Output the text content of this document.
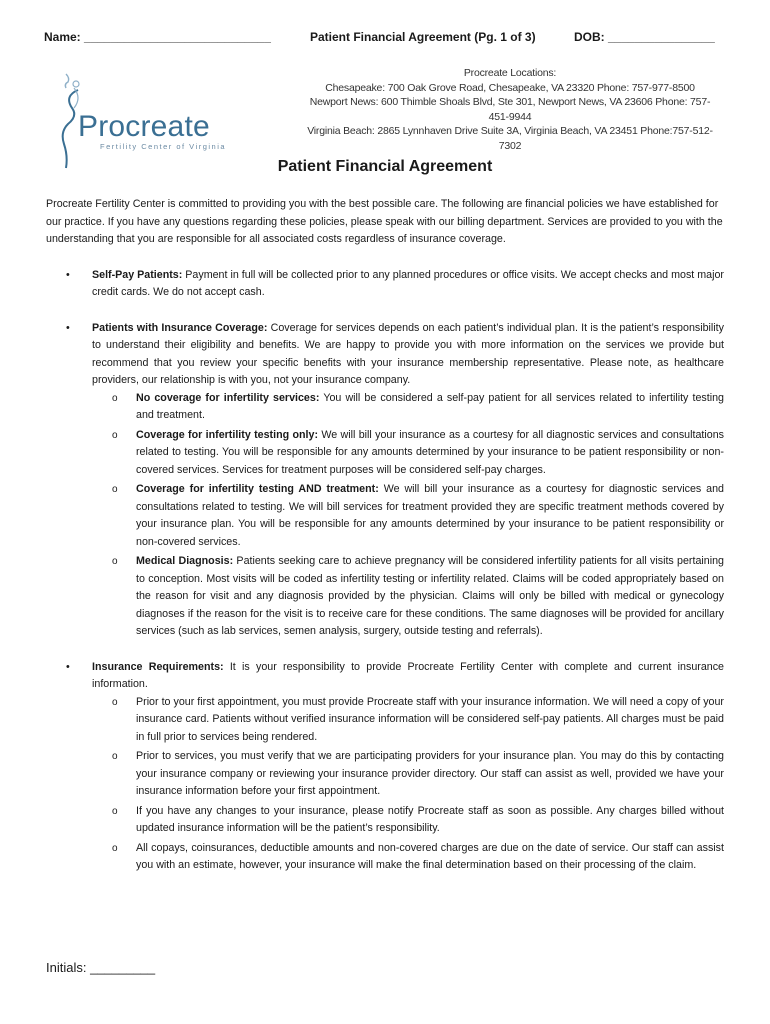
Name: ____________________________	Patient Financial Agreement (Pg. 1 of 3)	DOB: ________________
Procreate
Fertility Center of Virginia
Procreate Locations:
Chesapeake: 700 Oak Grove Road, Chesapeake, VA 23320 Phone: 757-977-8500
Newport News: 600 Thimble Shoals Blvd, Ste 301, Newport News, VA 23606 Phone: 757-451-9944
Virginia Beach: 2865 Lynnhaven Drive Suite 3A, Virginia Beach, VA 23451 Phone:757-512-7302
Patient Financial Agreement

Procreate Fertility Center is committed to providing you with the best possible care. The following are financial policies we have established for our practice. If you have any questions regarding these policies, please speak with our billing department. Services are provided to you with the understanding that you are responsible for all associated costs regardless of insurance coverage.

• Self-Pay Patients: Payment in full will be collected prior to any planned procedures or office visits. We accept checks and most major credit cards. We do not accept cash.

• Patients with Insurance Coverage: Coverage for services depends on each patient’s individual plan. It is the patient’s responsibility to understand their eligibility and benefits. We are happy to provide you with more information on the services we provide but recommend that you review your specific benefits with your insurance membership representative. Please note, as healthcare providers, our relationship is with you, not your insurance company.

o No coverage for infertility services: You will be considered a self-pay patient for all services related to infertility testing and treatment.
o Coverage for infertility testing only: We will bill your insurance as a courtesy for all diagnostic services and consultations related to testing. You will be responsible for any amounts determined by your insurance to be patient responsibility or non-covered services. Services for treatment purposes will be considered self-pay charges.
o Coverage for infertility testing AND treatment: We will bill your insurance as a courtesy for diagnostic services and consultations related to testing. We will bill services for treatment provided they are specific treatment methods covered by your insurance plan. You will be responsible for any amounts determined by your insurance to be patient responsibility or non-covered services.
o Medical Diagnosis: Patients seeking care to achieve pregnancy will be considered infertility patients for all visits pertaining to conception. Most visits will be coded as infertility testing or infertility related. Claims will be coded appropriately based on the reason for visit and any diagnosis provided by the physician. Claims will only be billed with medical or gynecology diagnoses if the reason for the visit is to receive care for these conditions. The same diagnoses will be provided for ancillary services (such as lab services, semen analysis, surgery, outside testing and referrals).
• Insurance Requirements: It is your responsibility to provide Procreate Fertility Center with complete and current insurance information.

o Prior to your first appointment, you must provide Procreate staff with your insurance information. We will need a copy of your insurance card. Patients without verified insurance information will be considered self-pay patients. All charges must be paid in full prior to services being rendered.
o Prior to services, you must verify that we are participating providers for your insurance plan. You may do this by contacting your insurance company or reviewing your insurance provider directory. Our staff can assist as well, provided we have your insurance information before your first appointment.
o If you have any changes to your insurance, please notify Procreate staff as soon as possible. Any charges billed without updated insurance information will be the patient’s responsibility.
o All copays, coinsurances, deductible amounts and non-covered charges are due on the date of service. Our staff can assist you with an estimate, however, your insurance will make the final determination based on their processing of the claim.
Initials: _________
